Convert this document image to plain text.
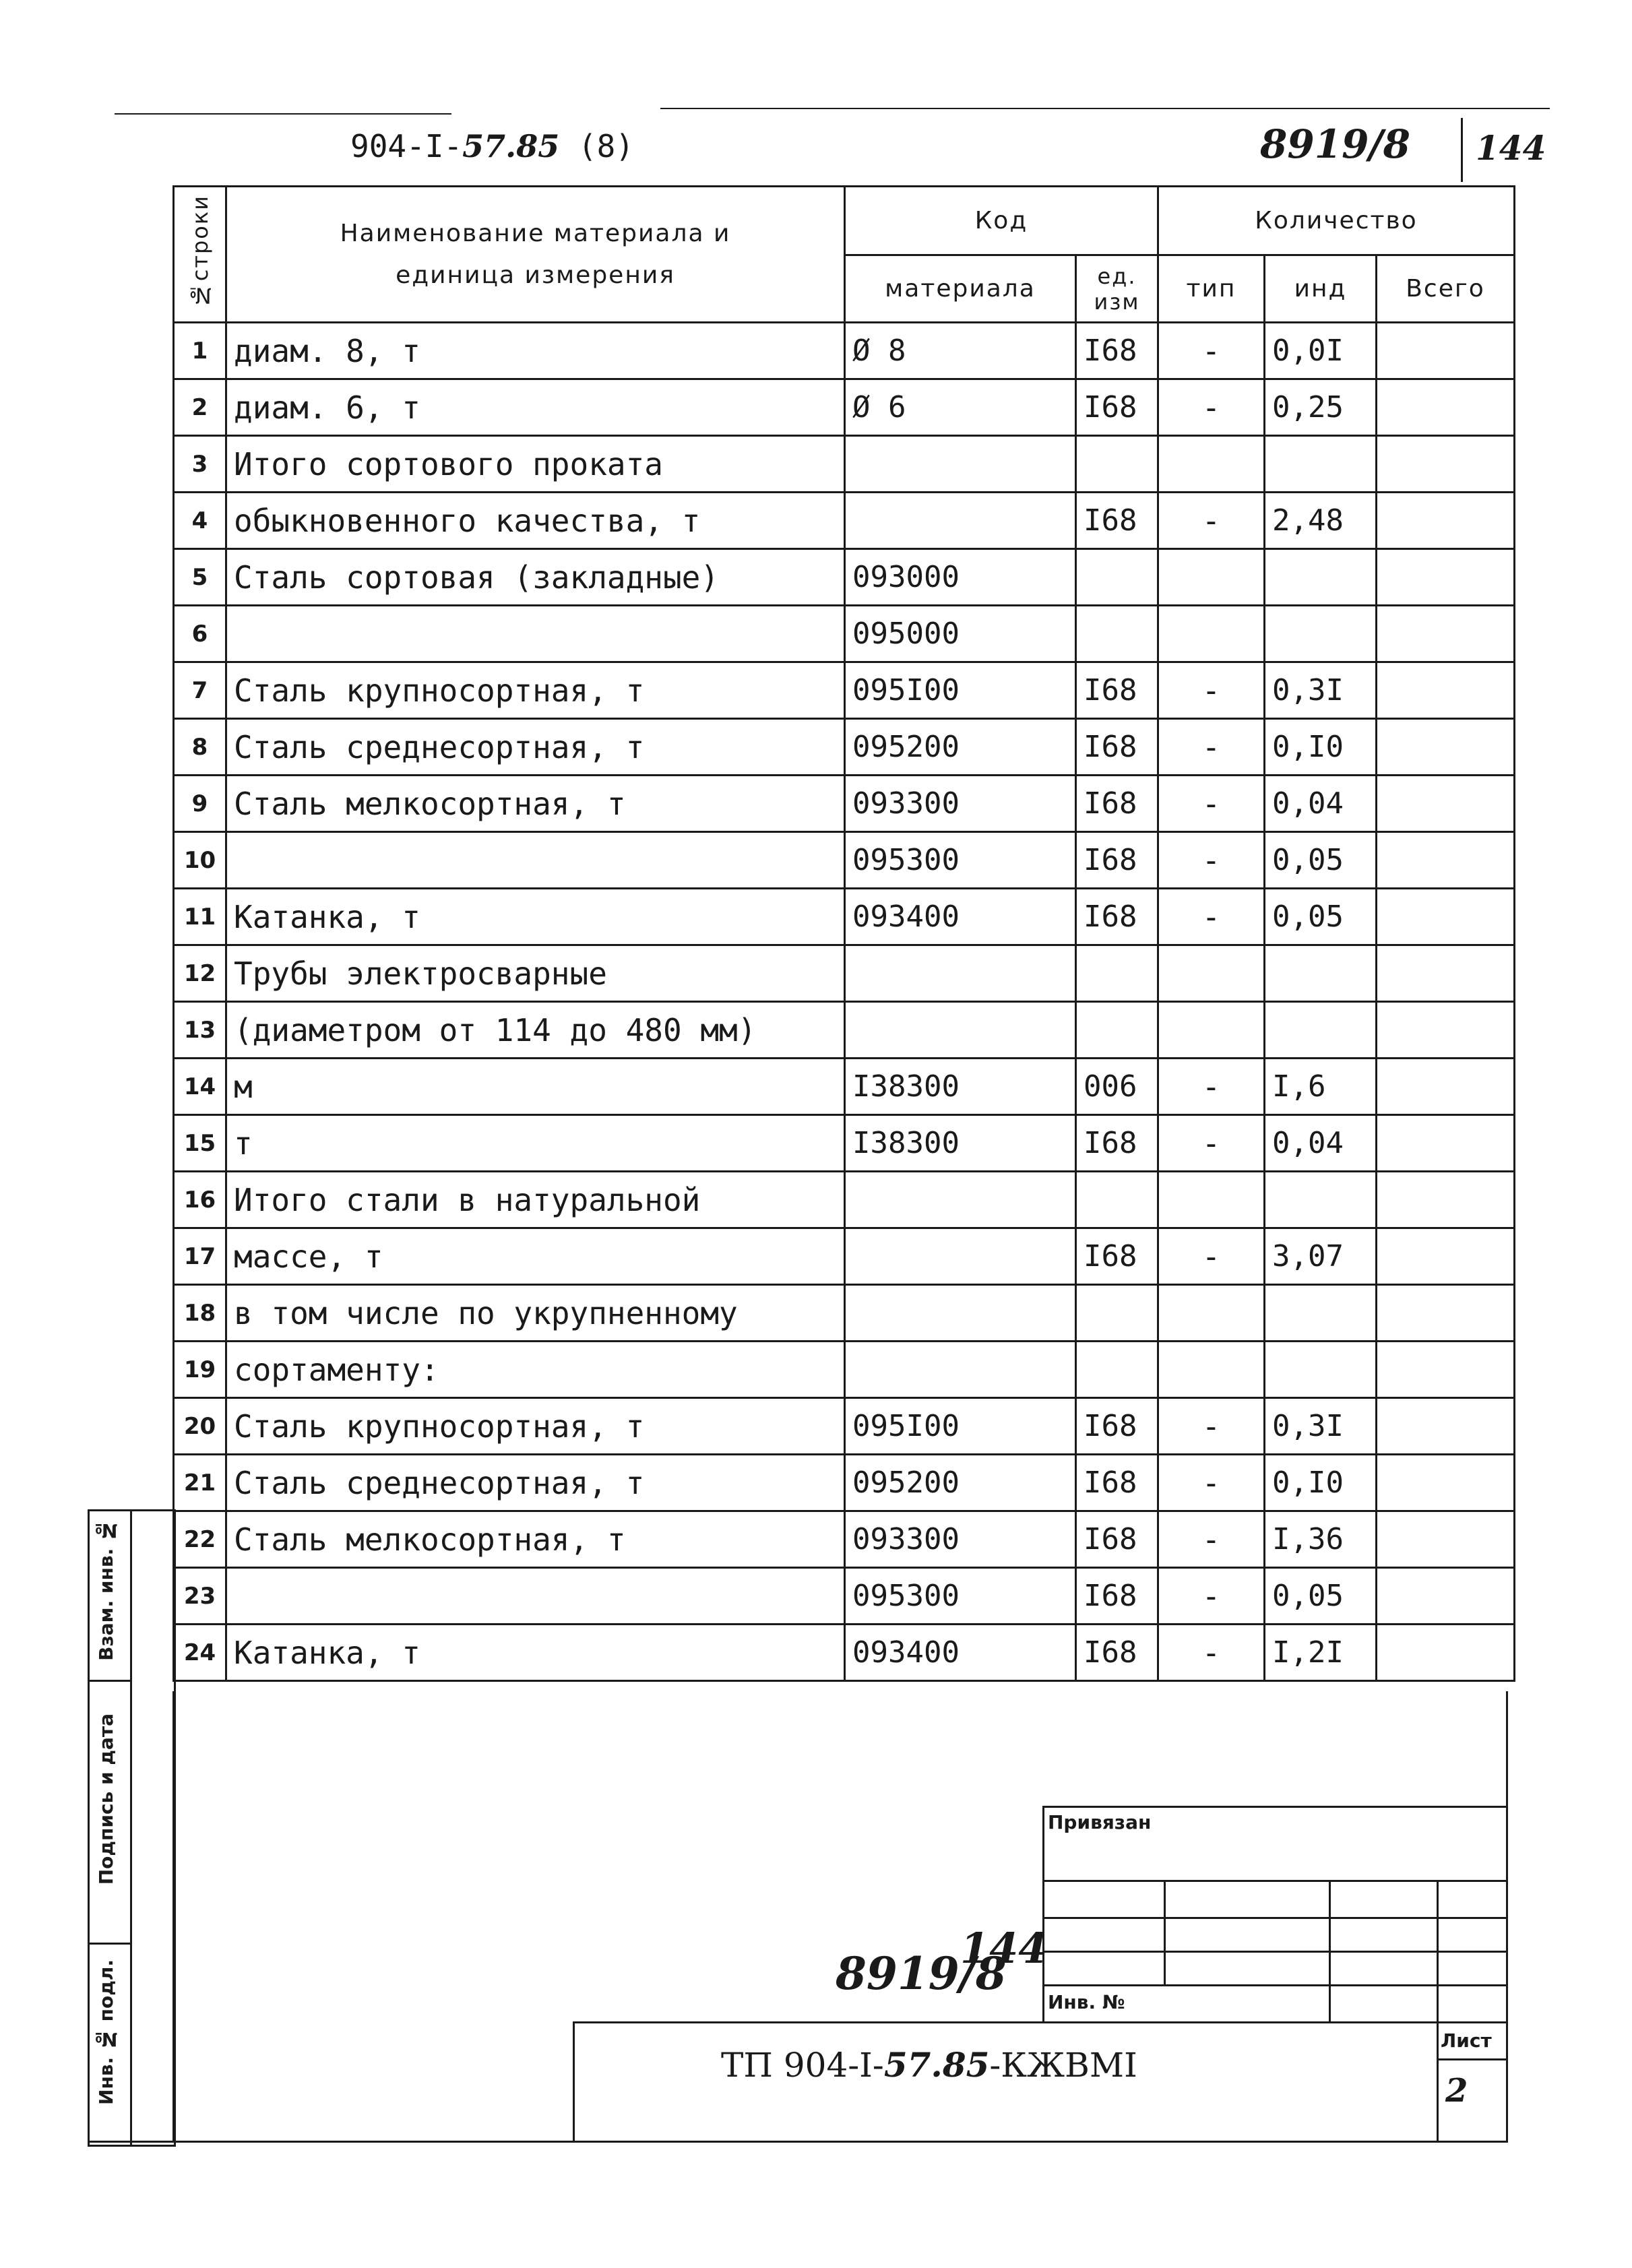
904-I-57.85 (8)	8919/8 144
№строки	Наименование материала и единица измерения	Код		Количество		
		материала	ед. изм	тип	инд	Всего
1	диам. 8, т	Ø 8	I68	-	0,0I	
2	диам. 6, т	Ø 6	I68	-	0,25	
3	Итого сортового проката					
4	обыкновенного качества, т		I68	-	2,48	
5	Сталь сортовая (закладные)	093000				
6		095000				
7	Сталь крупносортная, т	095I00	I68	-	0,3I	
8	Сталь среднесортная, т	095200	I68	-	0,I0	
9	Сталь мелкосортная, т	093300	I68	-	0,04	
10		095300	I68	-	0,05	
11	Катанка, т	093400	I68	-	0,05	
12	Трубы электросварные					
13	(диаметром от 114 до 480 мм)					
14	м	I38300	006	-	I,6	
15	т	I38300	I68	-	0,04	
16	Итого стали в натуральной					
17	массе, т		I68	-	3,07	
18	в том числе по укрупненному					
19	сортаменту:					
20	Сталь крупносортная, т	095I00	I68	-	0,3I	
21	Сталь среднесортная, т	095200	I68	-	0,I0	
22	Сталь мелкосортная, т	093300	I68	-	I,36	
23		095300	I68	-	0,05	
24	Катанка, т	093400	I68	-	I,2I	
Взам. инв. №
Подпись и дата
Инв. № подл.
Привязан
Инв. №
Лист
2
ТП 904-I-57.85-КЖВМI
8919/8
144
